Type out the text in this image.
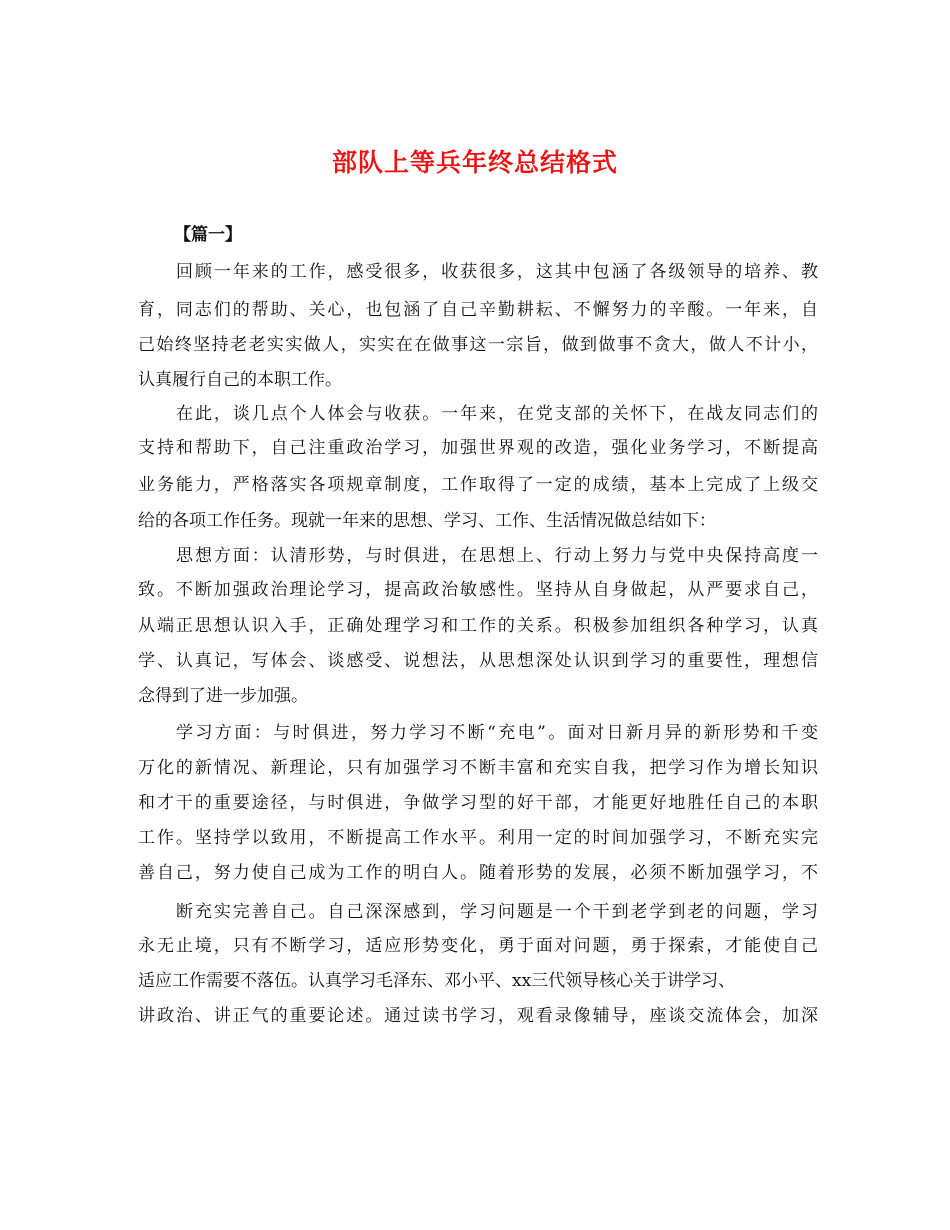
部队上等兵年终总结格式
【篇一】
回顾一年来的工作，感受很多，收获很多，这其中包涵了各级领导的培养、教
育，同志们的帮助、关心，也包涵了自己辛勤耕耘、不懈努力的辛酸。一年来，自
己始终坚持老老实实做人，实实在在做事这一宗旨，做到做事不贪大，做人不计小，
认真履行自己的本职工作。
在此，谈几点个人体会与收获。一年来，在党支部的关怀下，在战友同志们的
支持和帮助下，自己注重政治学习，加强世界观的改造，强化业务学习，不断提高
业务能力，严格落实各项规章制度，工作取得了一定的成绩，基本上完成了上级交
给的各项工作任务。现就一年来的思想、学习、工作、生活情况做总结如下：
思想方面：认清形势，与时俱进，在思想上、行动上努力与党中央保持高度一
致。不断加强政治理论学习，提高政治敏感性。坚持从自身做起，从严要求自己，
从端正思想认识入手，正确处理学习和工作的关系。积极参加组织各种学习，认真
学、认真记，写体会、谈感受、说想法，从思想深处认识到学习的重要性，理想信
念得到了进一步加强。
学习方面：与时俱进，努力学习不断“充电”。面对日新月异的新形势和千变
万化的新情况、新理论，只有加强学习不断丰富和充实自我，把学习作为增长知识
和才干的重要途径，与时俱进，争做学习型的好干部，才能更好地胜任自己的本职
工作。坚持学以致用，不断提高工作水平。利用一定的时间加强学习，不断充实完
善自己，努力使自己成为工作的明白人。随着形势的发展，必须不断加强学习，不
断充实完善自己。自己深深感到，学习问题是一个干到老学到老的问题，学习
永无止境，只有不断学习，适应形势变化，勇于面对问题，勇于探索，才能使自己
适应工作需要不落伍。认真学习毛泽东、邓小平、xx三代领导核心关于讲学习、
讲政治、讲正气的重要论述。通过读书学习，观看录像辅导，座谈交流体会，加深
